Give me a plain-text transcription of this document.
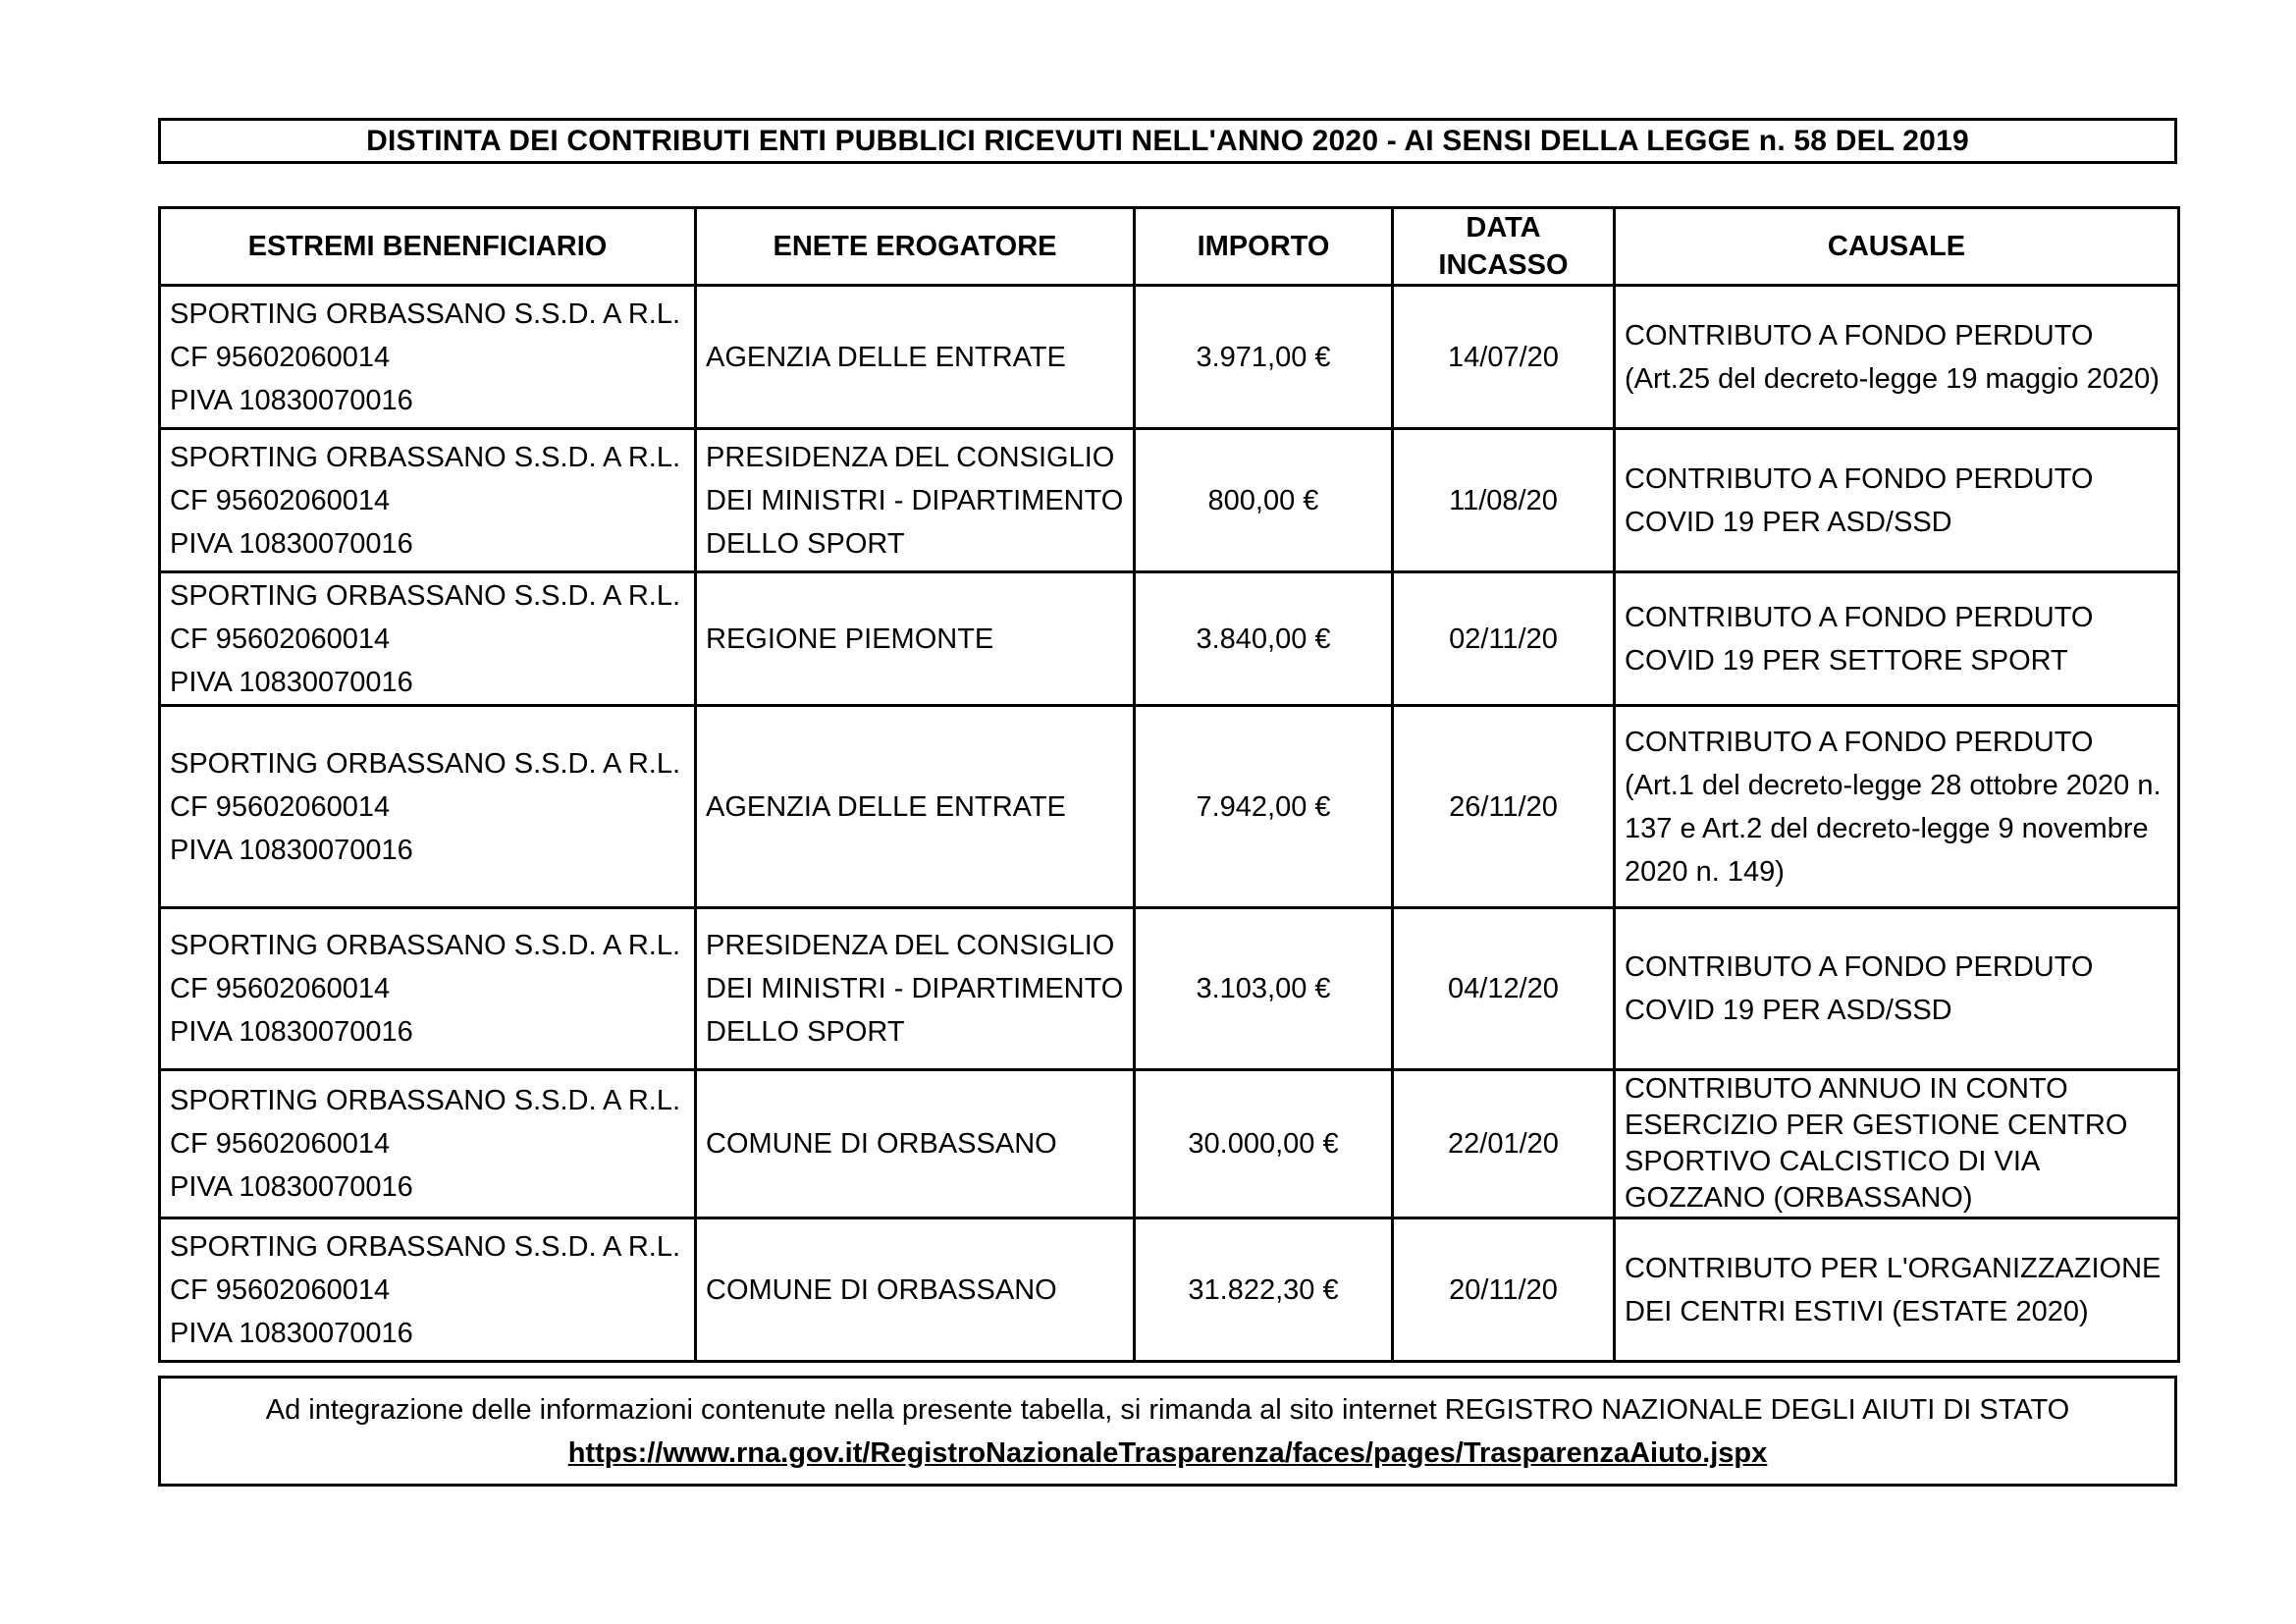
DISTINTA DEI CONTRIBUTI ENTI PUBBLICI RICEVUTI NELL'ANNO 2020 - AI SENSI DELLA LEGGE n. 58 DEL 2019
ESTREMI BENENFICIARIO	ENETE EROGATORE	IMPORTO	DATA INCASSO	CAUSALE

SPORTING ORBASSANO S.S.D. A R.L.
CF 95602060014
PIVA 10830070016	AGENZIA DELLE ENTRATE	3.971,00 €	14/07/20	CONTRIBUTO A FONDO PERDUTO (Art.25 del decreto-legge 19 maggio 2020)

SPORTING ORBASSANO S.S.D. A R.L.
CF 95602060014
PIVA 10830070016	PRESIDENZA DEL CONSIGLIO DEI MINISTRI - DIPARTIMENTO DELLO SPORT	800,00 €	11/08/20	CONTRIBUTO A FONDO PERDUTO COVID 19 PER ASD/SSD

SPORTING ORBASSANO S.S.D. A R.L.
CF 95602060014
PIVA 10830070016	REGIONE PIEMONTE	3.840,00 €	02/11/20	CONTRIBUTO A FONDO PERDUTO COVID 19 PER SETTORE SPORT

SPORTING ORBASSANO S.S.D. A R.L.
CF 95602060014
PIVA 10830070016	AGENZIA DELLE ENTRATE	7.942,00 €	26/11/20	CONTRIBUTO A FONDO PERDUTO (Art.1 del decreto-legge 28 ottobre 2020 n. 137 e Art.2 del decreto-legge 9 novembre 2020 n. 149)

SPORTING ORBASSANO S.S.D. A R.L.
CF 95602060014
PIVA 10830070016	PRESIDENZA DEL CONSIGLIO DEI MINISTRI - DIPARTIMENTO DELLO SPORT	3.103,00 €	04/12/20	CONTRIBUTO A FONDO PERDUTO COVID 19 PER ASD/SSD

SPORTING ORBASSANO S.S.D. A R.L.
CF 95602060014
PIVA 10830070016	COMUNE DI ORBASSANO	30.000,00 €	22/01/20	CONTRIBUTO ANNUO IN CONTO ESERCIZIO PER GESTIONE CENTRO SPORTIVO CALCISTICO DI VIA GOZZANO (ORBASSANO)

SPORTING ORBASSANO S.S.D. A R.L.
CF 95602060014
PIVA 10830070016	COMUNE DI ORBASSANO	31.822,30 €	20/11/20	CONTRIBUTO PER L'ORGANIZZAZIONE DEI CENTRI ESTIVI (ESTATE 2020)
Ad integrazione delle informazioni contenute nella presente tabella, si rimanda al sito internet REGISTRO NAZIONALE DEGLI AIUTI DI STATO
https://www.rna.gov.it/RegistroNazionaleTrasparenza/faces/pages/TrasparenzaAiuto.jspx
